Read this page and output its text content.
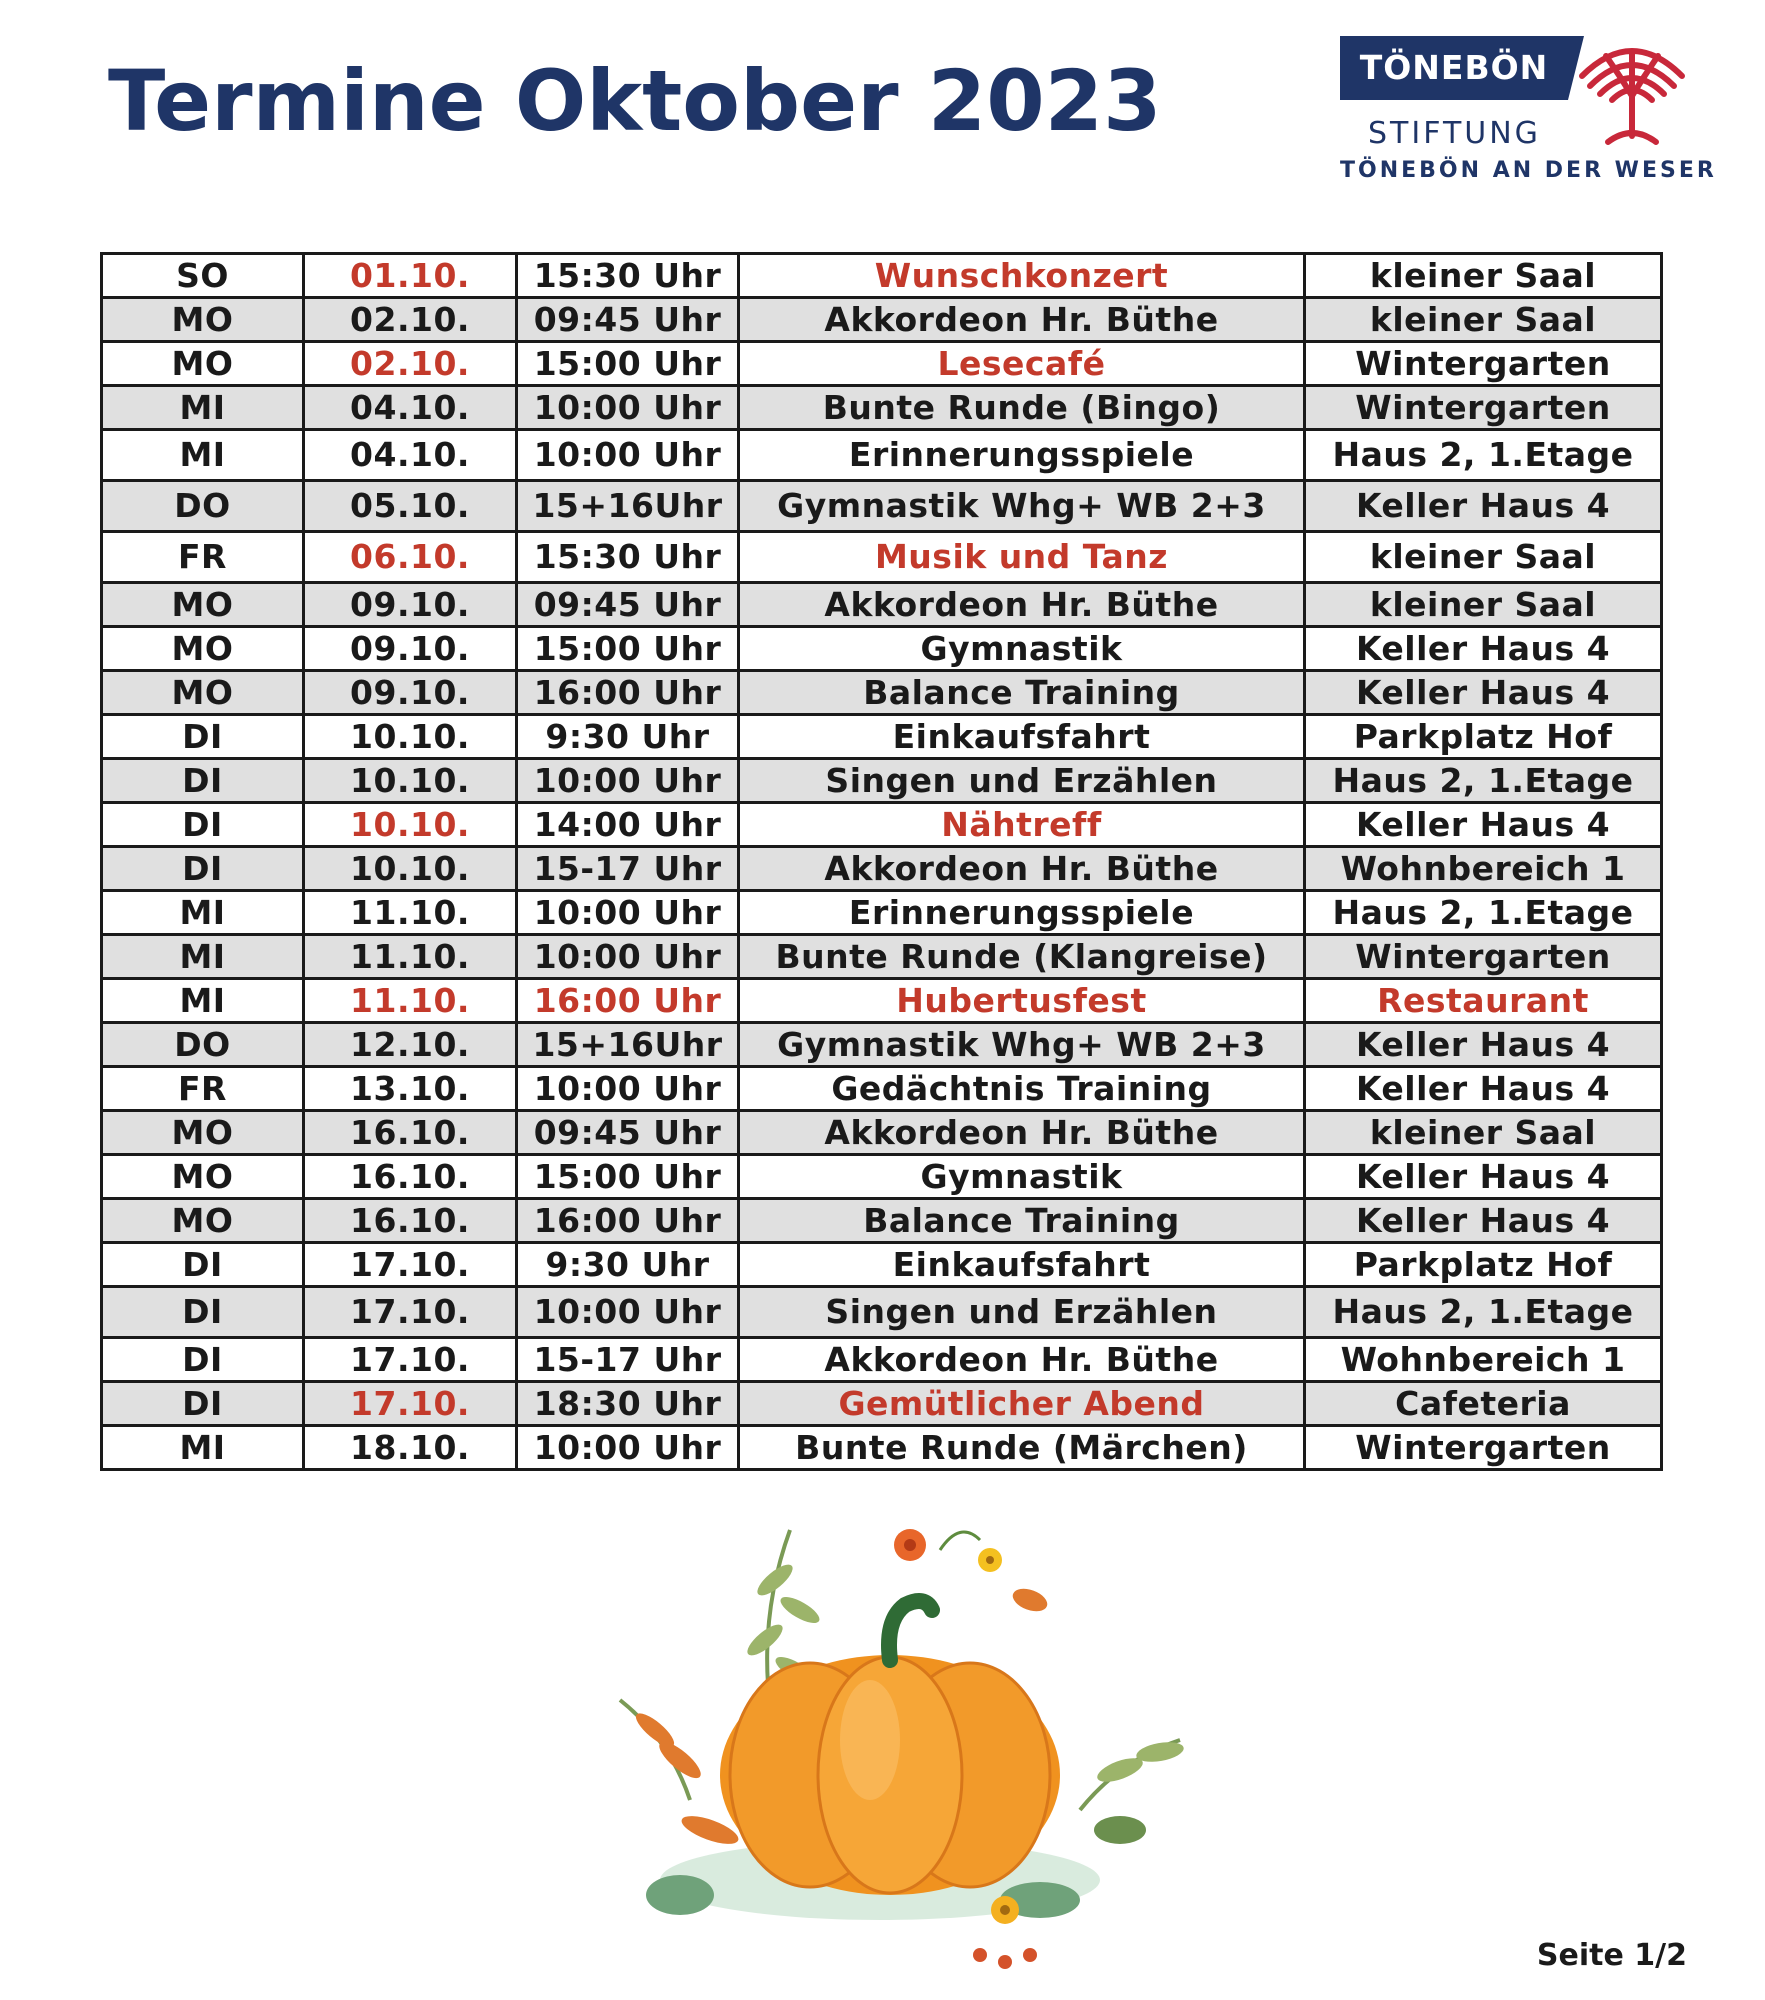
Termine Oktober 2023	TÖNEBÖN
STIFTUNG
TÖNEBÖN AN DER WESER
SO	01.10.	15:30 Uhr	Wunschkonzert	kleiner Saal
MO	02.10.	09:45 Uhr	Akkordeon Hr. Büthe	kleiner Saal
MO	02.10.	15:00 Uhr	Lesecafé	Wintergarten
MI	04.10.	10:00 Uhr	Bunte Runde (Bingo)	Wintergarten
MI	04.10.	10:00 Uhr	Erinnerungsspiele	Haus 2, 1.Etage
DO	05.10.	15+16Uhr	Gymnastik Whg+ WB 2+3	Keller Haus 4
FR	06.10.	15:30 Uhr	Musik und Tanz	kleiner Saal
MO	09.10.	09:45 Uhr	Akkordeon Hr. Büthe	kleiner Saal
MO	09.10.	15:00 Uhr	Gymnastik	Keller Haus 4
MO	09.10.	16:00 Uhr	Balance Training	Keller Haus 4
DI	10.10.	9:30 Uhr	Einkaufsfahrt	Parkplatz Hof
DI	10.10.	10:00 Uhr	Singen und Erzählen	Haus 2, 1.Etage
DI	10.10.	14:00 Uhr	Nähtreff	Keller Haus 4
DI	10.10.	15-17 Uhr	Akkordeon Hr. Büthe	Wohnbereich 1
MI	11.10.	10:00 Uhr	Erinnerungsspiele	Haus 2, 1.Etage
MI	11.10.	10:00 Uhr	Bunte Runde (Klangreise)	Wintergarten
MI	11.10.	16:00 Uhr	Hubertusfest	Restaurant
DO	12.10.	15+16Uhr	Gymnastik Whg+ WB 2+3	Keller Haus 4
FR	13.10.	10:00 Uhr	Gedächtnis Training	Keller Haus 4
MO	16.10.	09:45 Uhr	Akkordeon Hr. Büthe	kleiner Saal
MO	16.10.	15:00 Uhr	Gymnastik	Keller Haus 4
MO	16.10.	16:00 Uhr	Balance Training	Keller Haus 4
DI	17.10.	9:30 Uhr	Einkaufsfahrt	Parkplatz Hof
DI	17.10.	10:00 Uhr	Singen und Erzählen	Haus 2, 1.Etage
DI	17.10.	15-17 Uhr	Akkordeon Hr. Büthe	Wohnbereich 1
DI	17.10.	18:30 Uhr	Gemütlicher Abend	Cafeteria
MI	18.10.	10:00 Uhr	Bunte Runde (Märchen)	Wintergarten
Seite 1/2
